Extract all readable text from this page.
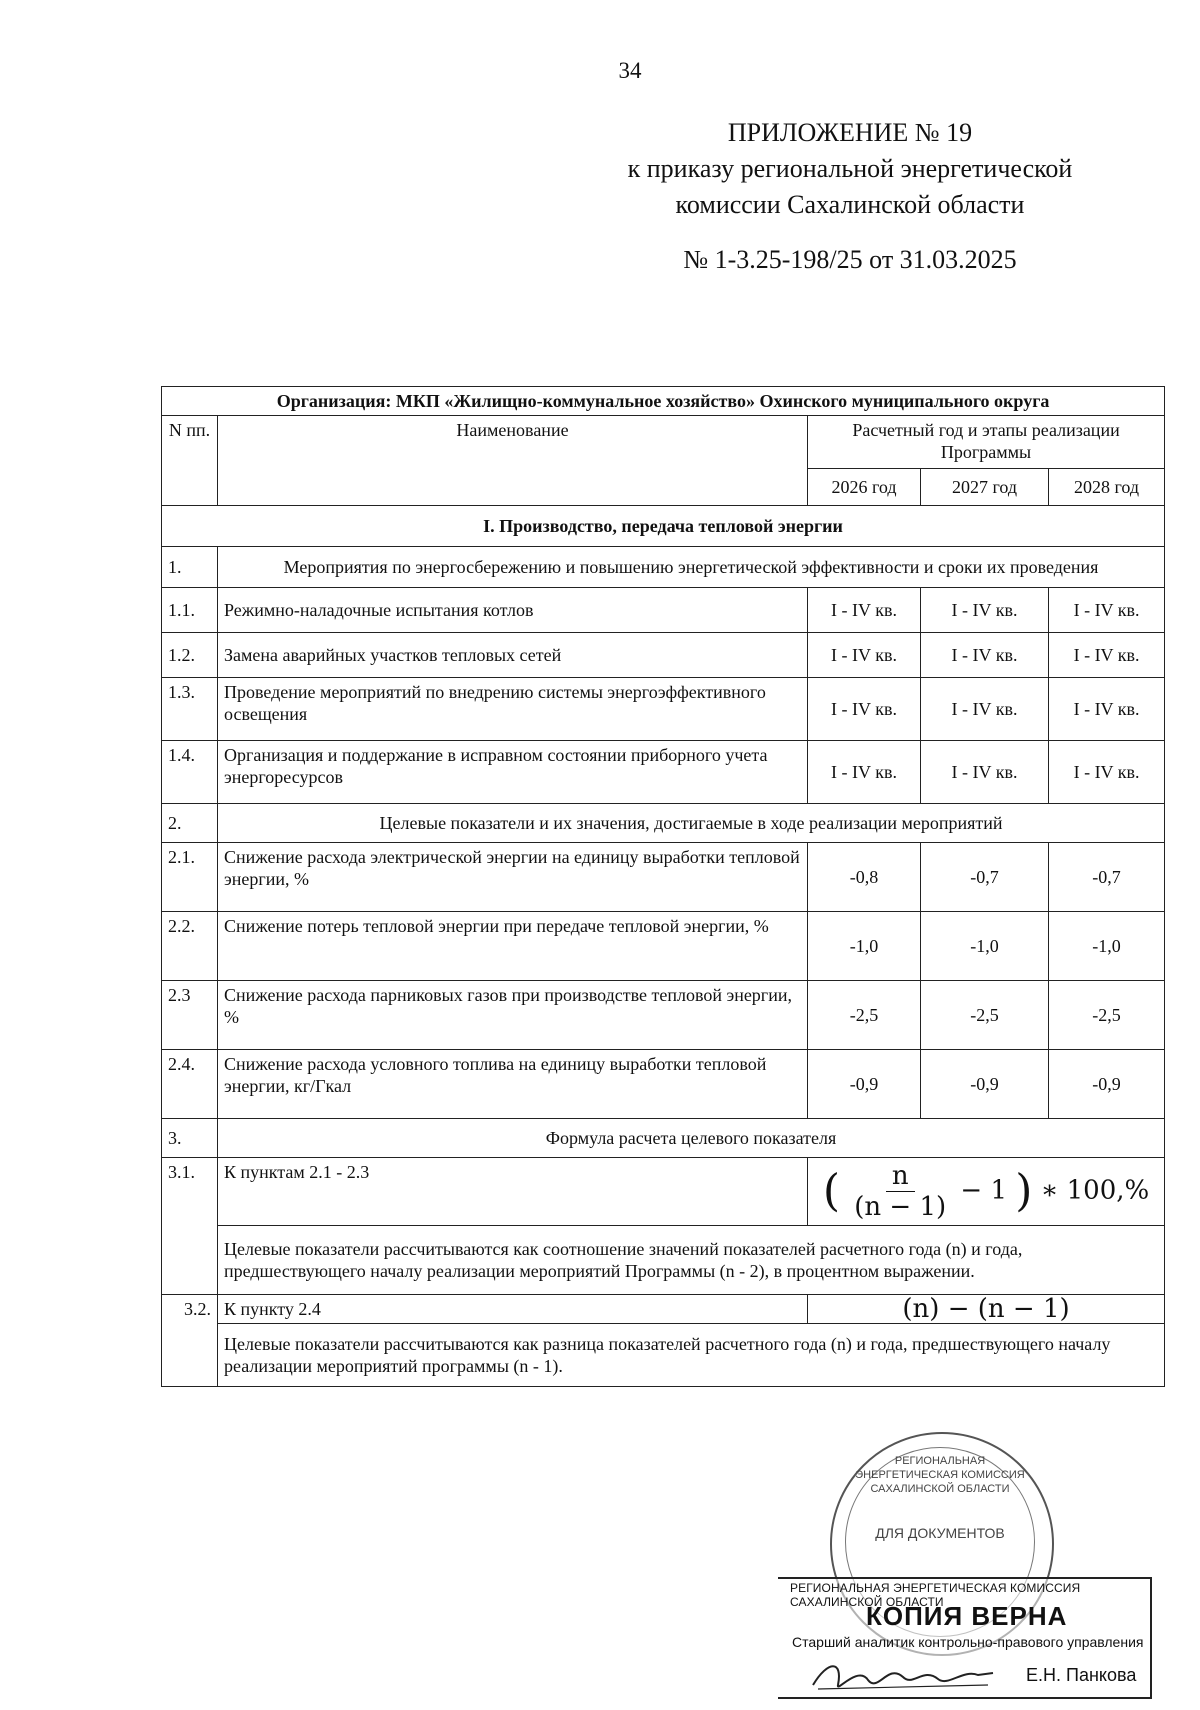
34
ПРИЛОЖЕНИЕ № 19
к приказу региональной энергетической
комиссии Сахалинской области
№ 1-3.25-198/25 от 31.03.2025
Организация: МКП «Жилищно-коммунальное хозяйство» Охинского муниципального округа				
N пп.	Наименование	Расчетный год и этапы реализации Программы		
		2026 год	2027 год	2028 год
I. Производство, передача тепловой энергии				
1.	Мероприятия по энергосбережению и повышению энергетической эффективности и сроки их проведения			
1.1.	Режимно-наладочные испытания котлов	I - IV кв.	I - IV кв.	I - IV кв.
1.2.	Замена аварийных участков тепловых сетей	I - IV кв.	I - IV кв.	I - IV кв.
1.3.	Проведение мероприятий по внедрению системы энергоэффективного освещения	I - IV кв.	I - IV кв.	I - IV кв.
1.4.	Организация и поддержание в исправном состоянии приборного учета энергоресурсов	I - IV кв.	I - IV кв.	I - IV кв.
2.	Целевые показатели и их значения, достигаемые в ходе реализации мероприятий			
2.1.	Снижение расхода электрической энергии на единицу выработки тепловой энергии, %	-0,8	-0,7	-0,7
2.2.	Снижение потерь тепловой энергии при передаче тепловой энергии, %	-1,0	-1,0	-1,0
2.3	Снижение расхода парниковых газов при производстве тепловой энергии, %	-2,5	-2,5	-2,5
2.4.	Снижение расхода условного топлива на единицу выработки тепловой энергии, кг/Гкал	-0,9	-0,9	-0,9
3.	Формула расчета целевого показателя			
3.1.	К пунктам 2.1 - 2.3	( $\frac{n}{(n - 1)} - 1$ ) ∗ 100,%		
	Целевые показатели рассчитываются как соотношение значений показателей расчетного года (n) и года, предшествующего началу реализации мероприятий Программы (n - 2), в процентном выражении.			
3.2.	К пункту 2.4	(n) − (n − 1)		
	Целевые показатели рассчитываются как разница показателей расчетного года (n) и года, предшествующего началу реализации мероприятий программы (n - 1).			
РЕГИОНАЛЬНАЯ ЭНЕРГЕТИЧЕСКАЯ КОМИССИЯ САХАЛИНСКОЙ ОБЛАСТИ
ДЛЯ ДОКУМЕНТОВ
РЕГИОНАЛЬНАЯ ЭНЕРГЕТИЧЕСКАЯ КОМИССИЯ САХАЛИНСКОЙ ОБЛАСТИ
КОПИЯ ВЕРНА
Старший аналитик контрольно-правового управления
Е.Н. Панкова
